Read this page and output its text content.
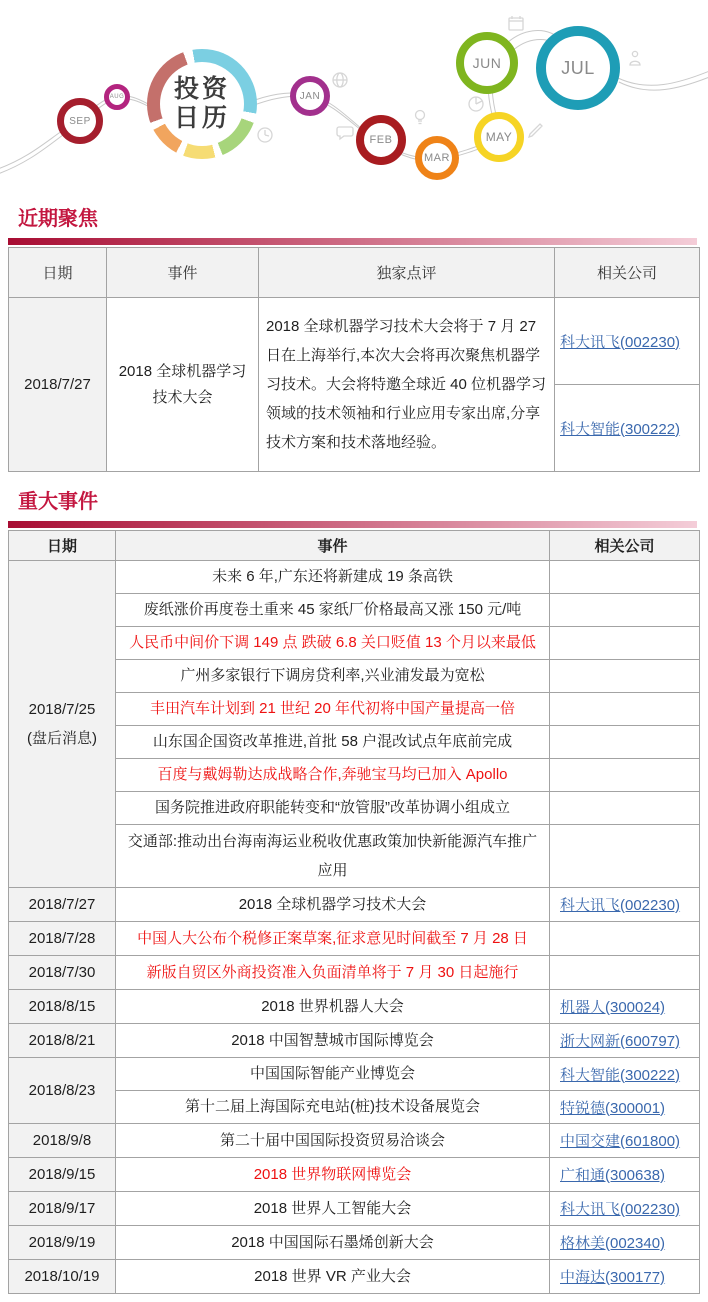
SEP
AUG	JAN
FEB
MAR
MAY
JUN	JUL
投资
日历
近期聚焦
日期	事件	独家点评	相关公司
2018/7/27	2018 全球机器学习技术大会	2018 全球机器学习技术大会将于 7 月 27 日在上海举行,本次大会将再次聚焦机器学习技术。大会将特邀全球近 40 位机器学习领域的技术领袖和行业应用专家出席,分享技术方案和技术落地经验。	科大讯飞(002230)
			科大智能(300222)
重大事件
日期	事件	相关公司

2018/7/25
(盘后消息)	未来 6 年,广东还将新建成 19 条高铁	
	废纸涨价再度卷土重来 45 家纸厂价格最高又涨 150 元/吨	
	人民币中间价下调 149 点 跌破 6.8 关口贬值 13 个月以来最低	
	广州多家银行下调房贷利率,兴业浦发最为宽松	
	丰田汽车计划到 21 世纪 20 年代初将中国产量提高一倍	
	山东国企国资改革推进,首批 58 户混改试点年底前完成	
	百度与戴姆勒达成战略合作,奔驰宝马均已加入 Apollo	
	国务院推进政府职能转变和“放管服”改革协调小组成立	
	交通部:推动出台海南海运业税收优惠政策加快新能源汽车推广应用	
2018/7/27	2018 全球机器学习技术大会	科大讯飞(002230)
2018/7/28	中国人大公布个税修正案草案,征求意见时间截至 7 月 28 日	
2018/7/30	新版自贸区外商投资准入负面清单将于 7 月 30 日起施行	
2018/8/15	2018 世界机器人大会	机器人(300024)
2018/8/21	2018 中国智慧城市国际博览会	浙大网新(600797)
2018/8/23	中国国际智能产业博览会	科大智能(300222)
	第十二届上海国际充电站(桩)技术设备展览会	特锐德(300001)
2018/9/8	第二十届中国国际投资贸易洽谈会	中国交建(601800)
2018/9/15	2018 世界物联网博览会	广和通(300638)
2018/9/17	2018 世界人工智能大会	科大讯飞(002230)
2018/9/19	2018 中国国际石墨烯创新大会	格林美(002340)
2018/10/19	2018 世界 VR 产业大会	中海达(300177)
